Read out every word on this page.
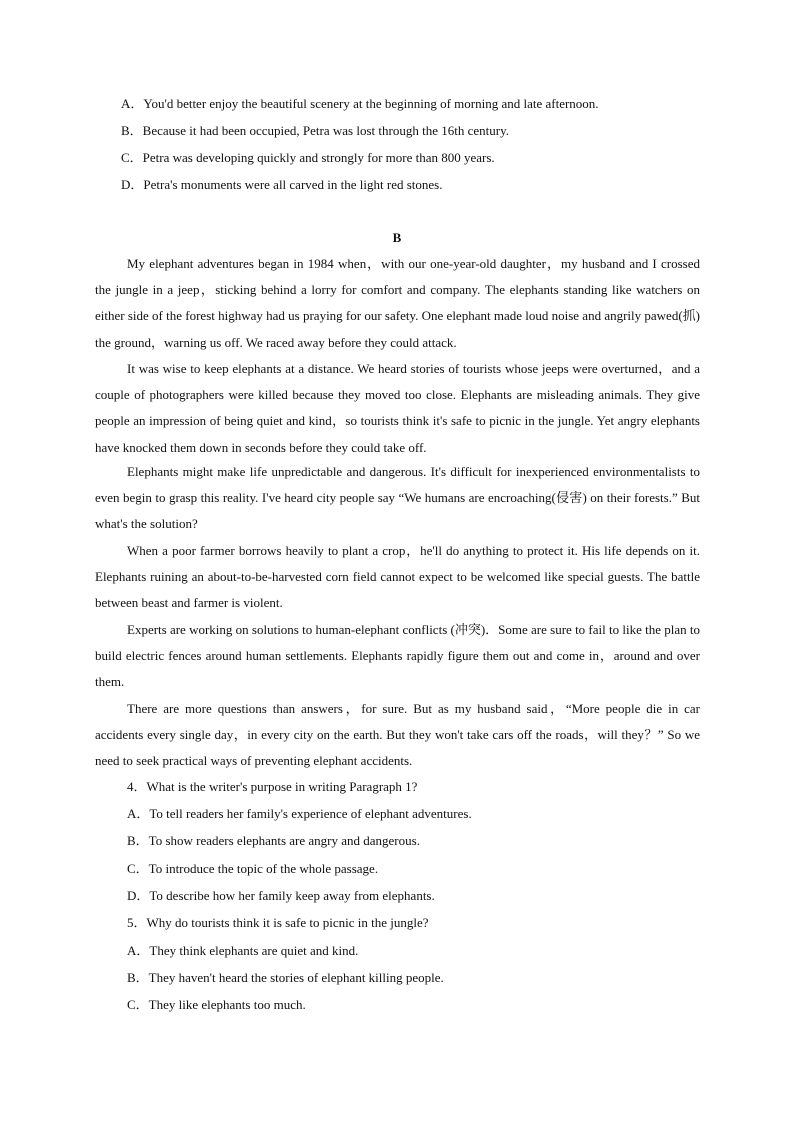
A．You'd better enjoy the beautiful scenery at the beginning of morning and late afternoon.
B．Because it had been occupied, Petra was lost through the 16th century.
C．Petra was developing quickly and strongly for more than 800 years.
D．Petra's monuments were all carved in the light red stones.
B
My elephant adventures began in 1984 when，with our one-year-old daughter，my husband and I crossed the jungle in a jeep，sticking behind a lorry for comfort and company. The elephants standing like watchers on either side of the forest highway had us praying for our safety. One elephant made loud noise and angrily pawed(抓) the ground，warning us off. We raced away before they could attack.
It was wise to keep elephants at a distance. We heard stories of tourists whose jeeps were overturned，and a couple of photographers were killed because they moved too close. Elephants are misleading animals. They give people an impression of being quiet and kind，so tourists think it's safe to picnic in the jungle. Yet angry elephants have knocked them down in seconds before they could take off.
Elephants might make life unpredictable and dangerous. It's difficult for inexperienced environmentalists to even begin to grasp this reality. I've heard city people say “We humans are encroaching(侵害) on their forests.” But what's the solution?
When a poor farmer borrows heavily to plant a crop，he'll do anything to protect it. His life depends on it. Elephants ruining an about-to-be-harvested corn field cannot expect to be welcomed like special guests. The battle between beast and farmer is violent.
Experts are working on solutions to human-elephant conflicts (冲突)．Some are sure to fail to like the plan to build electric fences around human settlements. Elephants rapidly figure them out and come in，around and over them.
There are more questions than answers，for sure. But as my husband said，“More people die in car accidents every single day，in every city on the earth. But they won't take cars off the roads，will they？” So we need to seek practical ways of preventing elephant accidents.
4．What is the writer's purpose in writing Paragraph 1?
A．To tell readers her family's experience of elephant adventures.
B．To show readers elephants are angry and dangerous.
C．To introduce the topic of the whole passage.
D．To describe how her family keep away from elephants.
5．Why do tourists think it is safe to picnic in the jungle?
A．They think elephants are quiet and kind.
B．They haven't heard the stories of elephant killing people.
C．They like elephants too much.
